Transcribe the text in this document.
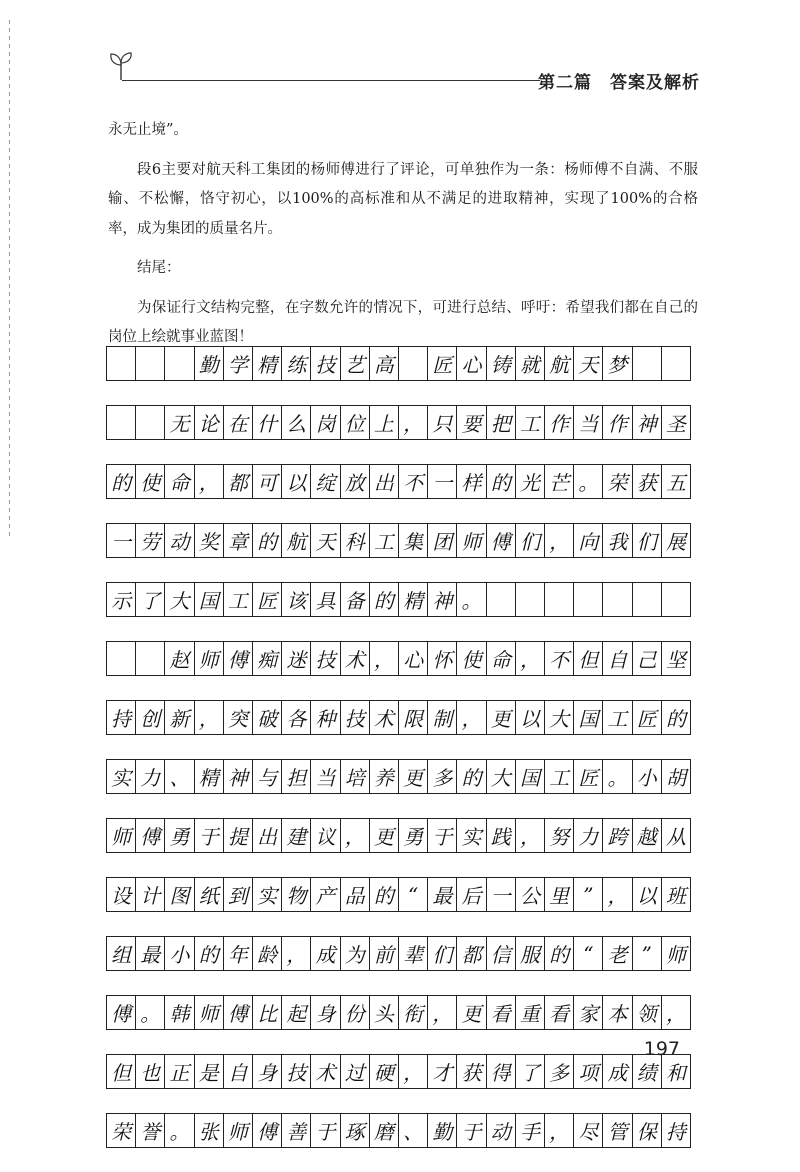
第二篇　答案及解析

永无止境”。

段6主要对航天科工集团的杨师傅进行了评论，可单独作为一条：杨师傅不自满、不服输、不松懈，恪守初心，以100%的高标准和从不满足的进取精神，实现了100%的合格率，成为集团的质量名片。

结尾：

为保证行文结构完整，在字数允许的情况下，可进行总结、呼吁：希望我们都在自己的岗位上绘就事业蓝图！

勤 学 精 练 技 艺 高 匠 心 铸 就 航 天 梦
无 论 在 什 么 岗 位 上 ， 只 要 把 工 作 当 作 神 圣
的 使 命 ， 都 可 以 绽 放 出 不 一 样 的 光 芒 。 荣 获 五
一 劳 动 奖 章 的 航 天 科 工 集 团 师 傅 们 ， 向 我 们 展
示 了 大 国 工 匠 该 具 备 的 精 神 。
赵 师 傅 痴 迷 技 术 ， 心 怀 使 命 ， 不 但 自 己 坚
持 创 新 ， 突 破 各 种 技 术 限 制 ， 更 以 大 国 工 匠 的
实 力 、 精 神 与 担 当 培 养 更 多 的 大 国 工 匠 。 小 胡
师 傅 勇 于 提 出 建 议 ， 更 勇 于 实 践 ， 努 力 跨 越 从
设 计 图 纸 到 实 物 产 品 的 “ 最 后 一 公 里 ” ， 以 班
组 最 小 的 年 龄 ， 成 为 前 辈 们 都 信 服 的 “ 老 ” 师
傅 。 韩 师 傅 比 起 身 份 头 衔 ， 更 看 重 看 家 本 领 ，
但 也 正 是 自 身 技 术 过 硬 ， 才 获 得 了 多 项 成 绩 和
荣 誉 。 张 师 傅 善 于 琢 磨 、 勤 于 动 手 ， 尽 管 保 持
197
